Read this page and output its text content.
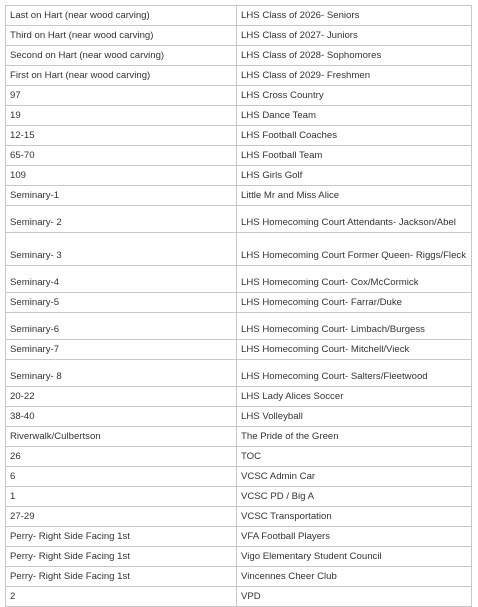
Last on Hart (near wood carving)	LHS Class of 2026- Seniors
Third on Hart (near wood carving)	LHS Class of 2027- Juniors
Second on Hart (near wood carving)	LHS Class of 2028- Sophomores
First on Hart (near wood carving)	LHS Class of 2029- Freshmen
97	LHS Cross Country
19	LHS Dance Team
12-15	LHS Football Coaches
65-70	LHS Football Team
109	LHS Girls Golf
Seminary-1	Little Mr and Miss Alice
Seminary- 2	LHS Homecoming Court Attendants- Jackson/Abel
Seminary- 3	LHS Homecoming Court Former Queen- Riggs/Fleck
Seminary-4	LHS Homecoming Court- Cox/McCormick
Seminary-5	LHS Homecoming Court- Farrar/Duke
Seminary-6	LHS Homecoming Court- Limbach/Burgess
Seminary-7	LHS Homecoming Court- Mitchell/Vieck
Seminary- 8	LHS Homecoming Court- Salters/Fleetwood
20-22	LHS Lady Alices Soccer
38-40	LHS Volleyball
Riverwalk/Culbertson	The Pride of the Green
26	TOC
6	VCSC Admin Car
1	VCSC PD / Big A
27-29	VCSC Transportation
Perry- Right Side Facing 1st	VFA Football Players
Perry- Right Side Facing 1st	Vigo Elementary Student Council
Perry- Right Side Facing 1st	Vincennes Cheer Club
2	VPD
